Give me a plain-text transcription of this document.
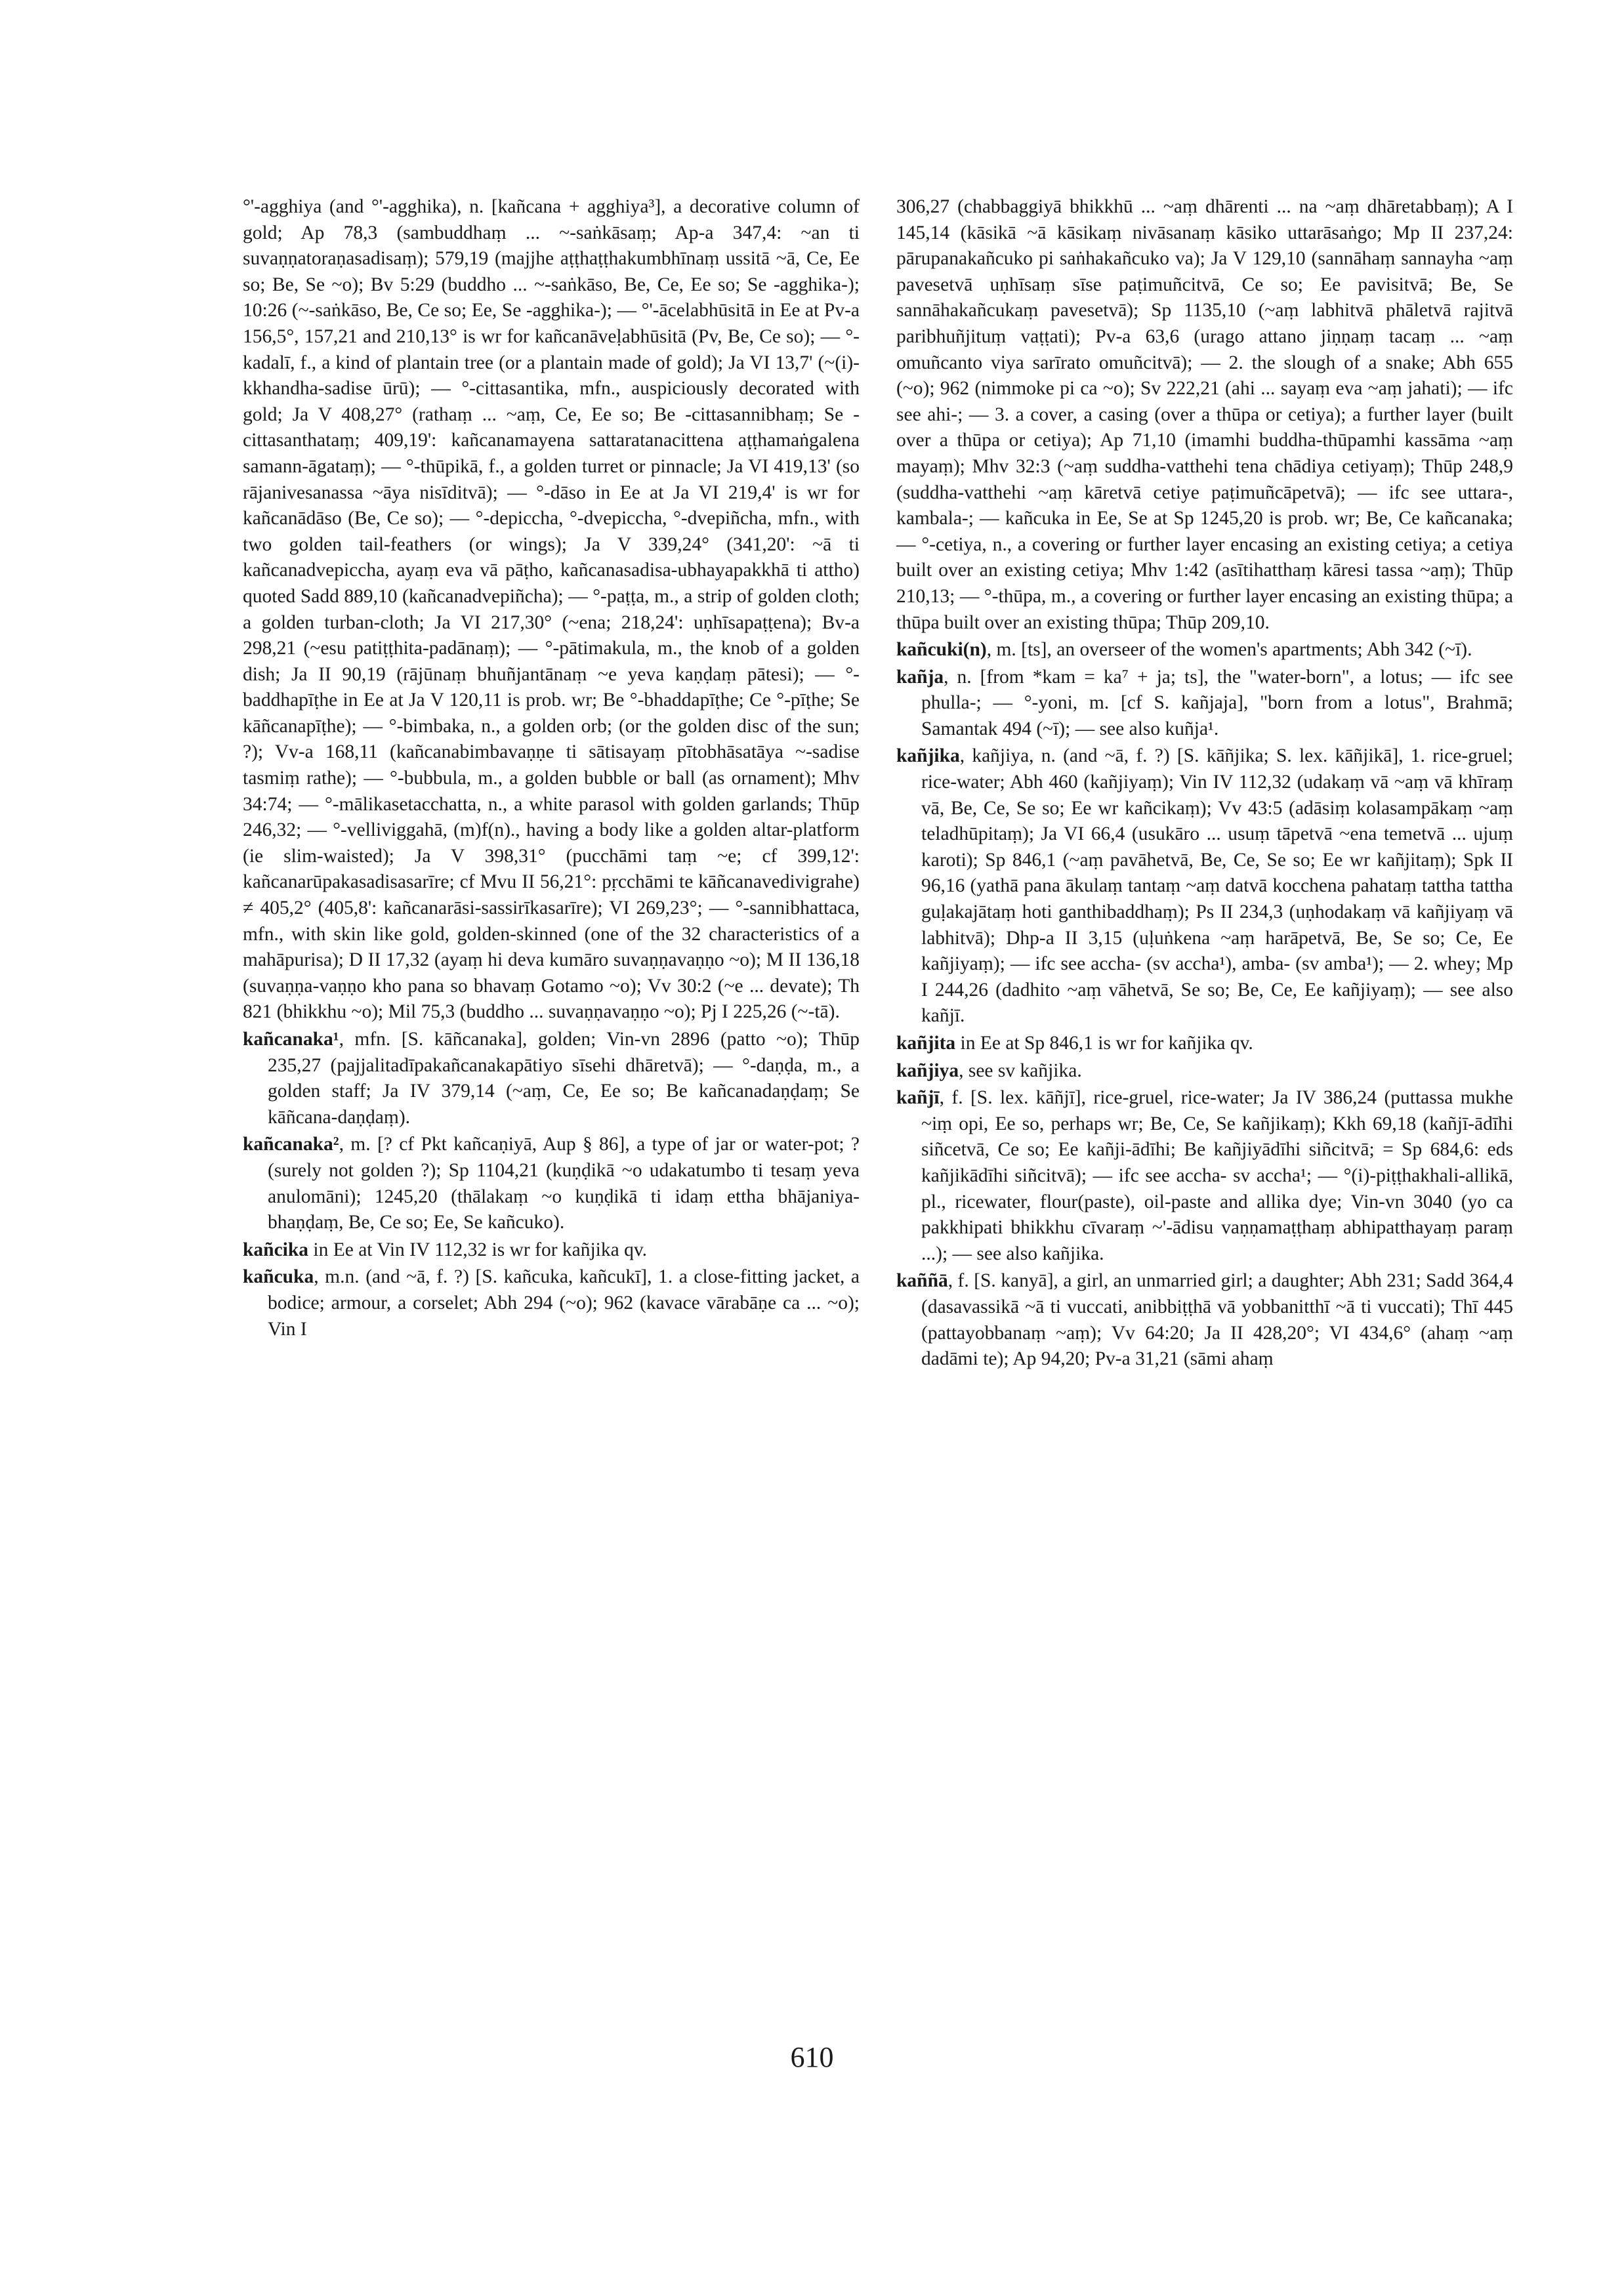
°'-agghiya (and °'-agghika), n. [kañcana + agghiya³], a decorative column of gold; Ap 78,3 (sambuddhaṃ ... ~-saṅkāsaṃ; Ap-a 347,4: ~an ti suvaṇṇatoraṇasadisaṃ); 579,19 (majjhe aṭṭhaṭṭhakumbhīnaṃ ussitā ~ā, Ce, Ee so; Be, Se ~o); Bv 5:29 (buddho ... ~-saṅkāso, Be, Ce, Ee so; Se -agghika-); 10:26 (~-saṅkāso, Be, Ce so; Ee, Se -agghika-); — °'-ācelabhūsitā in Ee at Pv-a 156,5°, 157,21 and 210,13° is wr for kañcanāveḷabhūsitā (Pv, Be, Ce so); — °-kadalī, f., a kind of plantain tree (or a plantain made of gold); Ja VI 13,7' (~(i)-kkhandha-sadise ūrū); — °-cittasantika, mfn., auspiciously decorated with gold; Ja V 408,27° (rathaṃ ... ~aṃ, Ce, Ee so; Be -cittasannibhaṃ; Se -cittasanthataṃ; 409,19': kañcanamayena sattaratanacittena aṭṭhamaṅgalena samann-āgataṃ); — °-thūpikā, f., a golden turret or pinnacle; Ja VI 419,13' (so rājanivesanassa ~āya nisīditvā); — °-dāso in Ee at Ja VI 219,4' is wr for kañcanādāso (Be, Ce so); — °-depiccha, °-dvepiccha, °-dvepiñcha, mfn., with two golden tail-feathers (or wings); Ja V 339,24° (341,20': ~ā ti kañcanadvepiccha, ayaṃ eva vā pāṭho, kañcanasadisa-ubhayapakkhā ti attho) quoted Sadd 889,10 (kañcanadvepiñcha); — °-paṭṭa, m., a strip of golden cloth; a golden turban-cloth; Ja VI 217,30° (~ena; 218,24': uṇhīsapaṭṭena); Bv-a 298,21 (~esu patiṭṭhita-padānaṃ); — °-pātimakula, m., the knob of a golden dish; Ja II 90,19 (rājūnaṃ bhuñjantānaṃ ~e yeva kaṇḍaṃ pātesi); — °-baddhapīṭhe in Ee at Ja V 120,11 is prob. wr; Be °-bhaddapīṭhe; Ce °-pīṭhe; Se kāñcanapīṭhe); — °-bimbaka, n., a golden orb; (or the golden disc of the sun; ?); Vv-a 168,11 (kañcanabimbavaṇṇe ti sātisayaṃ pītobhāsatāya ~-sadise tasmiṃ rathe); — °-bubbula, m., a golden bubble or ball (as ornament); Mhv 34:74; — °-mālikasetacchatta, n., a white parasol with golden garlands; Thūp 246,32; — °-velliviggahā, (m)f(n)., having a body like a golden altar-platform (ie slim-waisted); Ja V 398,31° (pucchāmi taṃ ~e; cf 399,12': kañcanarūpakasadisasarīre; cf Mvu II 56,21°: pṛcchāmi te kāñcanavedivigrahe) ≠ 405,2° (405,8': kañcanarāsi-sassirīkasarīre); VI 269,23°; — °-sannibhattaca, mfn., with skin like gold, golden-skinned (one of the 32 characteristics of a mahāpurisa); D II 17,32 (ayaṃ hi deva kumāro suvaṇṇavaṇṇo ~o); M II 136,18 (suvaṇṇa-vaṇṇo kho pana so bhavaṃ Gotamo ~o); Vv 30:2 (~e ... devate); Th 821 (bhikkhu ~o); Mil 75,3 (buddho ... suvaṇṇavaṇṇo ~o); Pj I 225,26 (~-tā).

kañcanaka¹, mfn. [S. kāñcanaka], golden; Vin-vn 2896 (patto ~o); Thūp 235,27 (pajjalitadīpakañcanakapātiyo sīsehi dhāretvā); — °-daṇḍa, m., a golden staff; Ja IV 379,14 (~aṃ, Ce, Ee so; Be kañcanadaṇḍaṃ; Se kāñcana-daṇḍaṃ).

kañcanaka², m. [? cf Pkt kañcaṇiyā, Aup § 86], a type of jar or water-pot; ? (surely not golden ?); Sp 1104,21 (kuṇḍikā ~o udakatumbo ti tesaṃ yeva anulomāni); 1245,20 (thālakaṃ ~o kuṇḍikā ti idaṃ ettha bhājaniya-bhaṇḍaṃ, Be, Ce so; Ee, Se kañcuko).

kañcika in Ee at Vin IV 112,32 is wr for kañjika qv.

kañcuka, m.n. (and ~ā, f. ?) [S. kañcuka, kañcukī], 1. a close-fitting jacket, a bodice; armour, a corselet; Abh 294 (~o); 962 (kavace vārabāṇe ca ... ~o); Vin I

306,27 (chabbaggiyā bhikkhū ... ~aṃ dhārenti ... na ~aṃ dhāretabbaṃ); A I 145,14 (kāsikā ~ā kāsikaṃ nivāsanaṃ kāsiko uttarāsaṅgo; Mp II 237,24: pārupanakañcuko pi saṅhakañcuko va); Ja V 129,10 (sannāhaṃ sannayha ~aṃ pavesetvā uṇhīsaṃ sīse paṭimuñcitvā, Ce so; Ee pavisitvā; Be, Se sannāhakañcukaṃ pavesetvā); Sp 1135,10 (~aṃ labhitvā phāletvā rajitvā paribhuñjituṃ vaṭṭati); Pv-a 63,6 (urago attano jiṇṇaṃ tacaṃ ... ~aṃ omuñcanto viya sarīrato omuñcitvā); — 2. the slough of a snake; Abh 655 (~o); 962 (nimmoke pi ca ~o); Sv 222,21 (ahi ... sayaṃ eva ~aṃ jahati); — ifc see ahi-; — 3. a cover, a casing (over a thūpa or cetiya); a further layer (built over a thūpa or cetiya); Ap 71,10 (imamhi buddha-thūpamhi kassāma ~aṃ mayaṃ); Mhv 32:3 (~aṃ suddha-vatthehi tena chādiya cetiyaṃ); Thūp 248,9 (suddha-vatthehi ~aṃ kāretvā cetiye paṭimuñcāpetvā); — ifc see uttara-, kambala-; — kañcuka in Ee, Se at Sp 1245,20 is prob. wr; Be, Ce kañcanaka; — °-cetiya, n., a covering or further layer encasing an existing cetiya; a cetiya built over an existing cetiya; Mhv 1:42 (asītihatthaṃ kāresi tassa ~aṃ); Thūp 210,13; — °-thūpa, m., a covering or further layer encasing an existing thūpa; a thūpa built over an existing thūpa; Thūp 209,10.

kañcuki(n), m. [ts], an overseer of the women's apartments; Abh 342 (~ī).

kañja, n. [from *kam = ka⁷ + ja; ts], the "water-born", a lotus; — ifc see phulla-; — °-yoni, m. [cf S. kañjaja], "born from a lotus", Brahmā; Samantak 494 (~ī); — see also kuñja¹.

kañjika, kañjiya, n. (and ~ā, f. ?) [S. kāñjika; S. lex. kāñjikā], 1. rice-gruel; rice-water; Abh 460 (kañjiyaṃ); Vin IV 112,32 (udakaṃ vā ~aṃ vā khīraṃ vā, Be, Ce, Se so; Ee wr kañcikaṃ); Vv 43:5 (adāsiṃ kolasampākaṃ ~aṃ teladhūpitaṃ); Ja VI 66,4 (usukāro ... usuṃ tāpetvā ~ena temetvā ... ujuṃ karoti); Sp 846,1 (~aṃ pavāhetvā, Be, Ce, Se so; Ee wr kañjitaṃ); Spk II 96,16 (yathā pana ākulaṃ tantaṃ ~aṃ datvā kocchena pahataṃ tattha tattha guḷakajātaṃ hoti ganthibaddhaṃ); Ps II 234,3 (uṇhodakaṃ vā kañjiyaṃ vā labhitvā); Dhp-a II 3,15 (uḷuṅkena ~aṃ harāpetvā, Be, Se so; Ce, Ee kañjiyaṃ); — ifc see accha- (sv accha¹), amba- (sv amba¹); — 2. whey; Mp I 244,26 (dadhito ~aṃ vāhetvā, Se so; Be, Ce, Ee kañjiyaṃ); — see also kañjī.

kañjita in Ee at Sp 846,1 is wr for kañjika qv.

kañjiya, see sv kañjika.

kañjī, f. [S. lex. kāñjī], rice-gruel, rice-water; Ja IV 386,24 (puttassa mukhe ~iṃ opi, Ee so, perhaps wr; Be, Ce, Se kañjikaṃ); Kkh 69,18 (kañjī-ādīhi siñcetvā, Ce so; Ee kañji-ādīhi; Be kañjiyādīhi siñcitvā; = Sp 684,6: eds kañjikādīhi siñcitvā); — ifc see accha- sv accha¹; — °(i)-piṭṭhakhali-allikā, pl., ricewater, flour(paste), oil-paste and allika dye; Vin-vn 3040 (yo ca pakkhipati bhikkhu cīvaraṃ ~'-ādisu vaṇṇamaṭṭhaṃ abhipatthayaṃ paraṃ ...); — see also kañjika.

kaññā, f. [S. kanyā], a girl, an unmarried girl; a daughter; Abh 231; Sadd 364,4 (dasavassikā ~ā ti vuccati, anibbiṭṭhā vā yobbanitthī ~ā ti vuccati); Thī 445 (pattayobbanaṃ ~aṃ); Vv 64:20; Ja II 428,20°; VI 434,6° (ahaṃ ~aṃ dadāmi te); Ap 94,20; Pv-a 31,21 (sāmi ahaṃ

610
